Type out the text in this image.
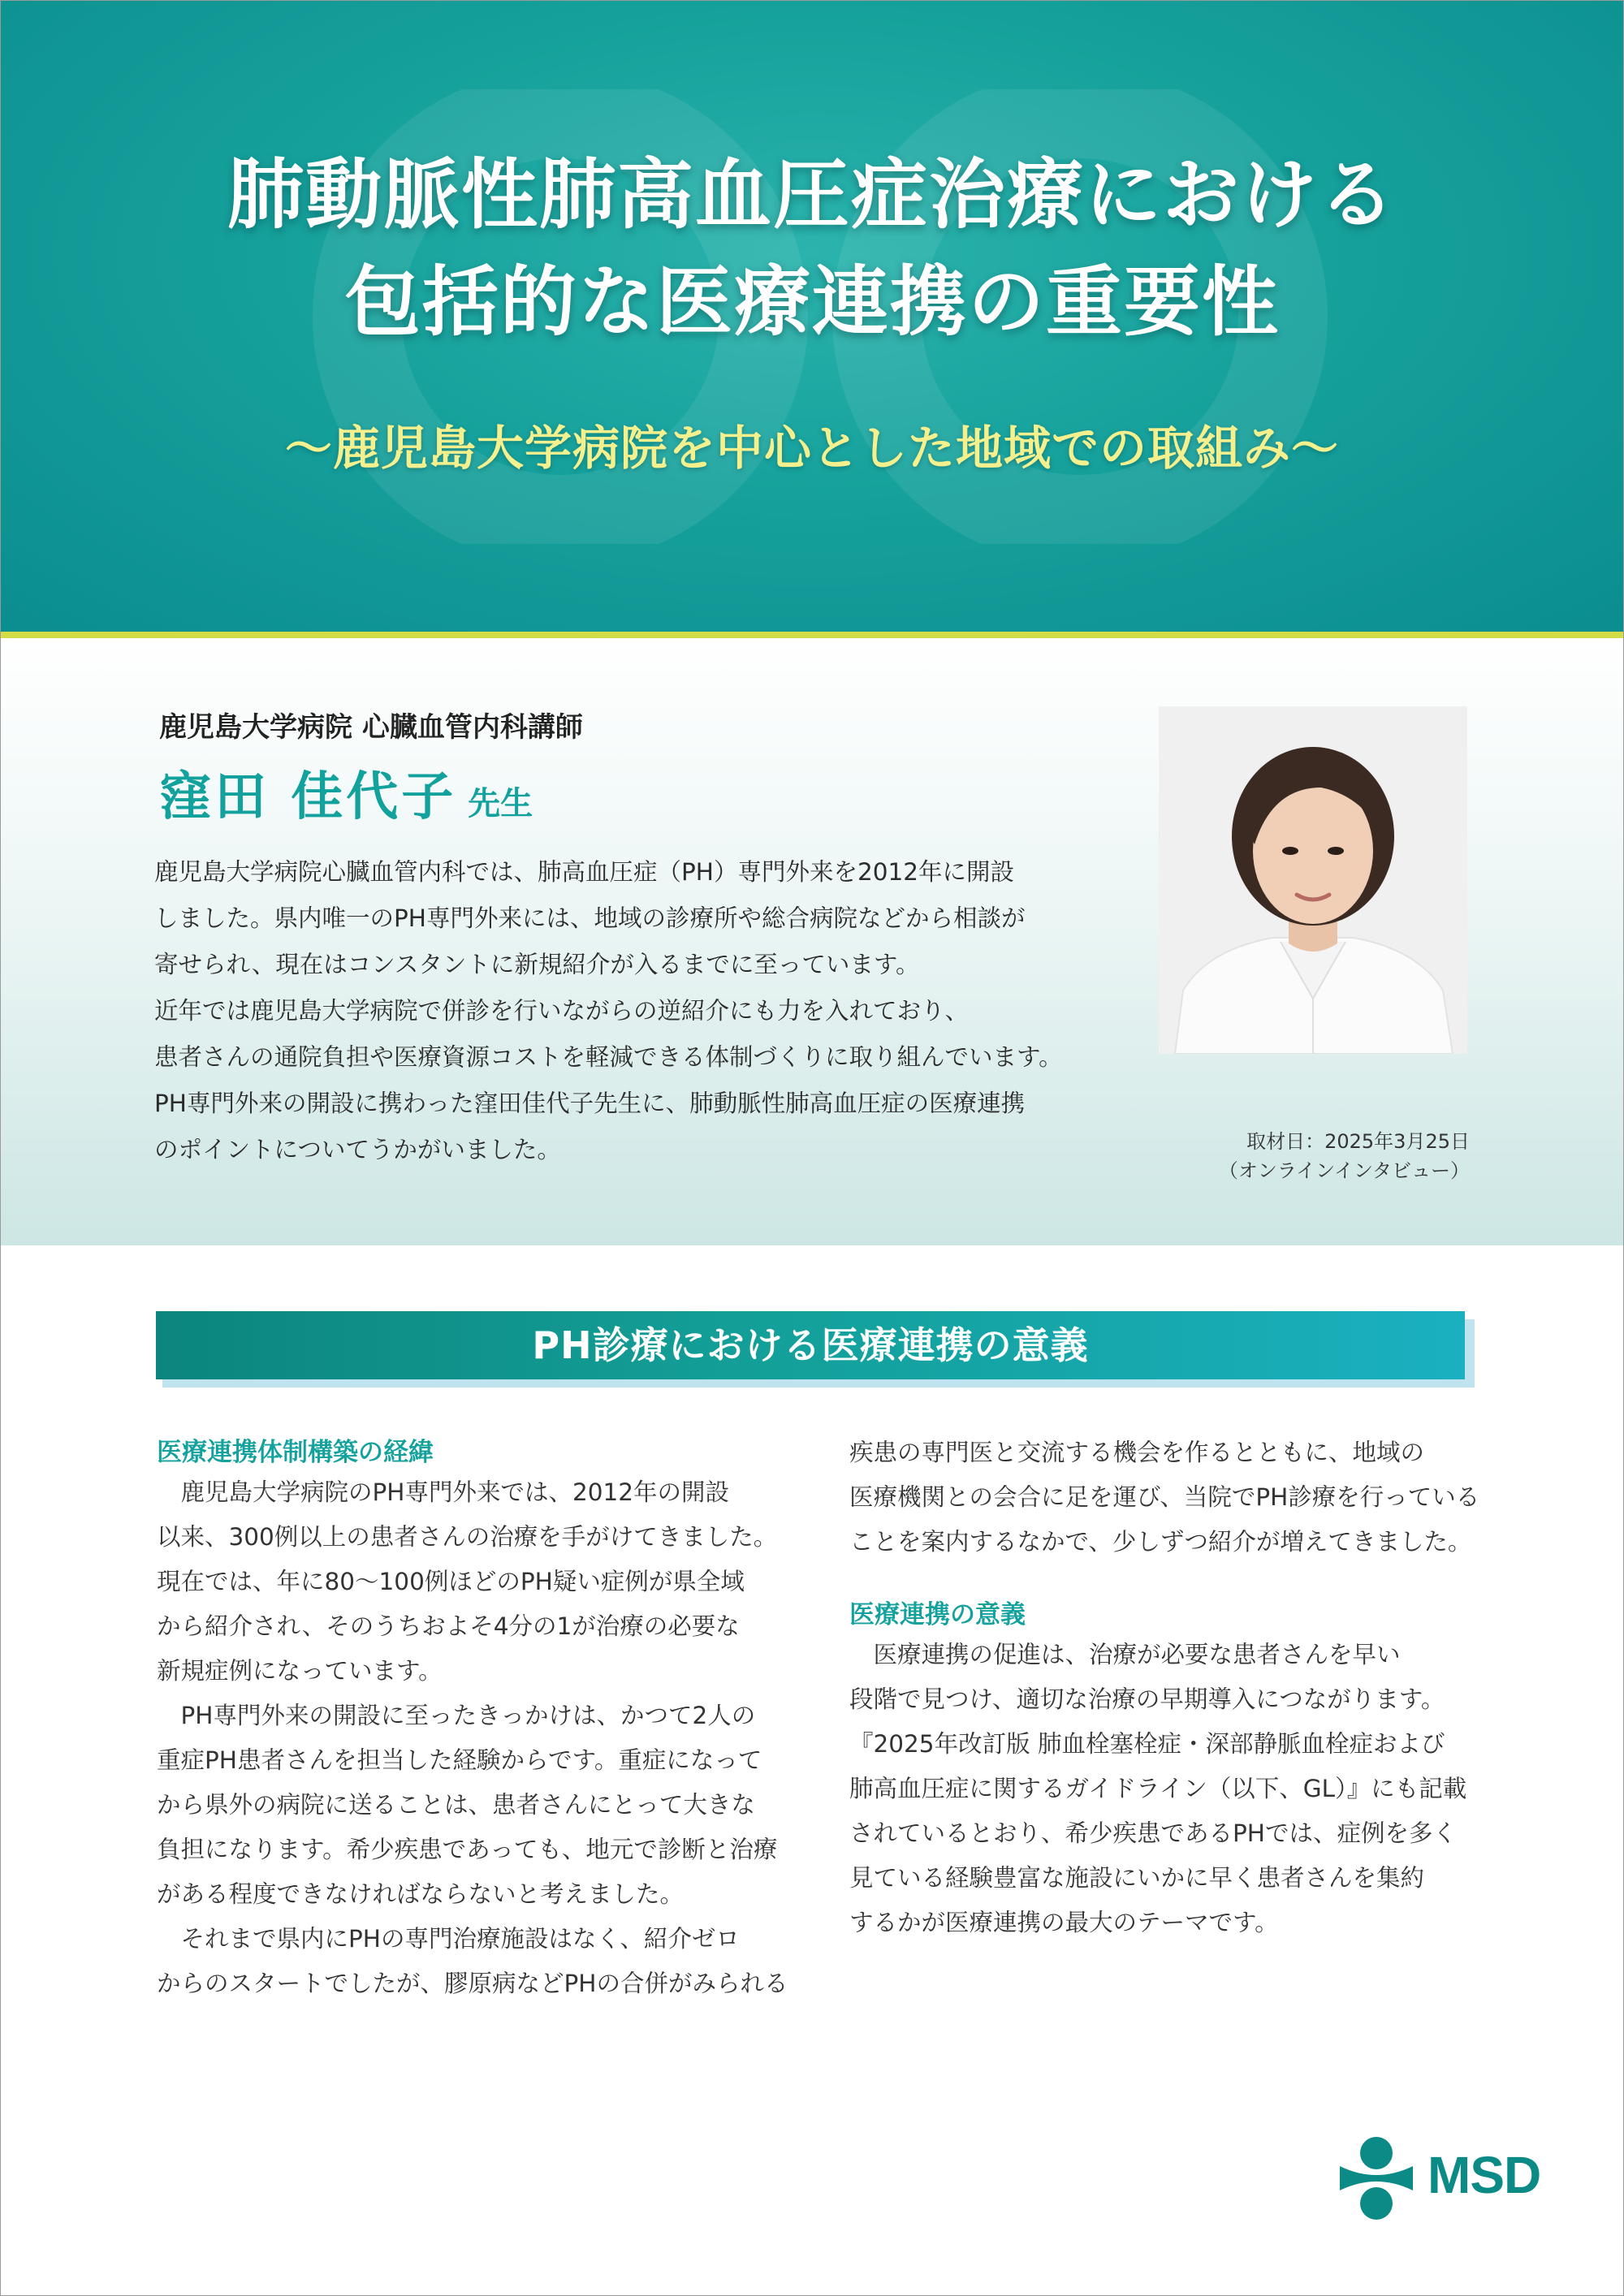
肺動脈性肺高血圧症治療における
包括的な医療連携の重要性

〜鹿児島大学病院を中心とした地域での取組み〜

鹿児島大学病院 心臓血管内科講師

窪田 佳代子 先生

鹿児島大学病院心臓血管内科では、肺高血圧症（PH）専門外来を2012年に開設

しました。県内唯一のPH専門外来には、地域の診療所や総合病院などから相談が

寄せられ、現在はコンスタントに新規紹介が入るまでに至っています。

近年では鹿児島大学病院で併診を行いながらの逆紹介にも力を入れており、

患者さんの通院負担や医療資源コストを軽減できる体制づくりに取り組んでいます。

PH専門外来の開設に携わった窪田佳代子先生に、肺動脈性肺高血圧症の医療連携

のポイントについてうかがいました。	取材日：2025年3月25日
（オンラインインタビュー）
PH診療における医療連携の意義

医療連携体制構築の経緯

　鹿児島大学病院のPH専門外来では、2012年の開設

以来、300例以上の患者さんの治療を手がけてきました。

現在では、年に80〜100例ほどのPH疑い症例が県全域

から紹介され、そのうちおよそ4分の1が治療の必要な

新規症例になっています。

　PH専門外来の開設に至ったきっかけは、かつて2人の

重症PH患者さんを担当した経験からです。重症になって

から県外の病院に送ることは、患者さんにとって大きな

負担になります。希少疾患であっても、地元で診断と治療

がある程度できなければならないと考えました。

　それまで県内にPHの専門治療施設はなく、紹介ゼロ

からのスタートでしたが、膠原病などPHの合併がみられる

疾患の専門医と交流する機会を作るとともに、地域の

医療機関との会合に足を運び、当院でPH診療を行っている

ことを案内するなかで、少しずつ紹介が増えてきました。

医療連携の意義

　医療連携の促進は、治療が必要な患者さんを早い

段階で見つけ、適切な治療の早期導入につながります。

『2025年改訂版 肺血栓塞栓症・深部静脈血栓症および

肺高血圧症に関するガイドライン（以下、GL）』にも記載

されているとおり、希少疾患であるPHでは、症例を多く

見ている経験豊富な施設にいかに早く患者さんを集約

するかが医療連携の最大のテーマです。

MSD
